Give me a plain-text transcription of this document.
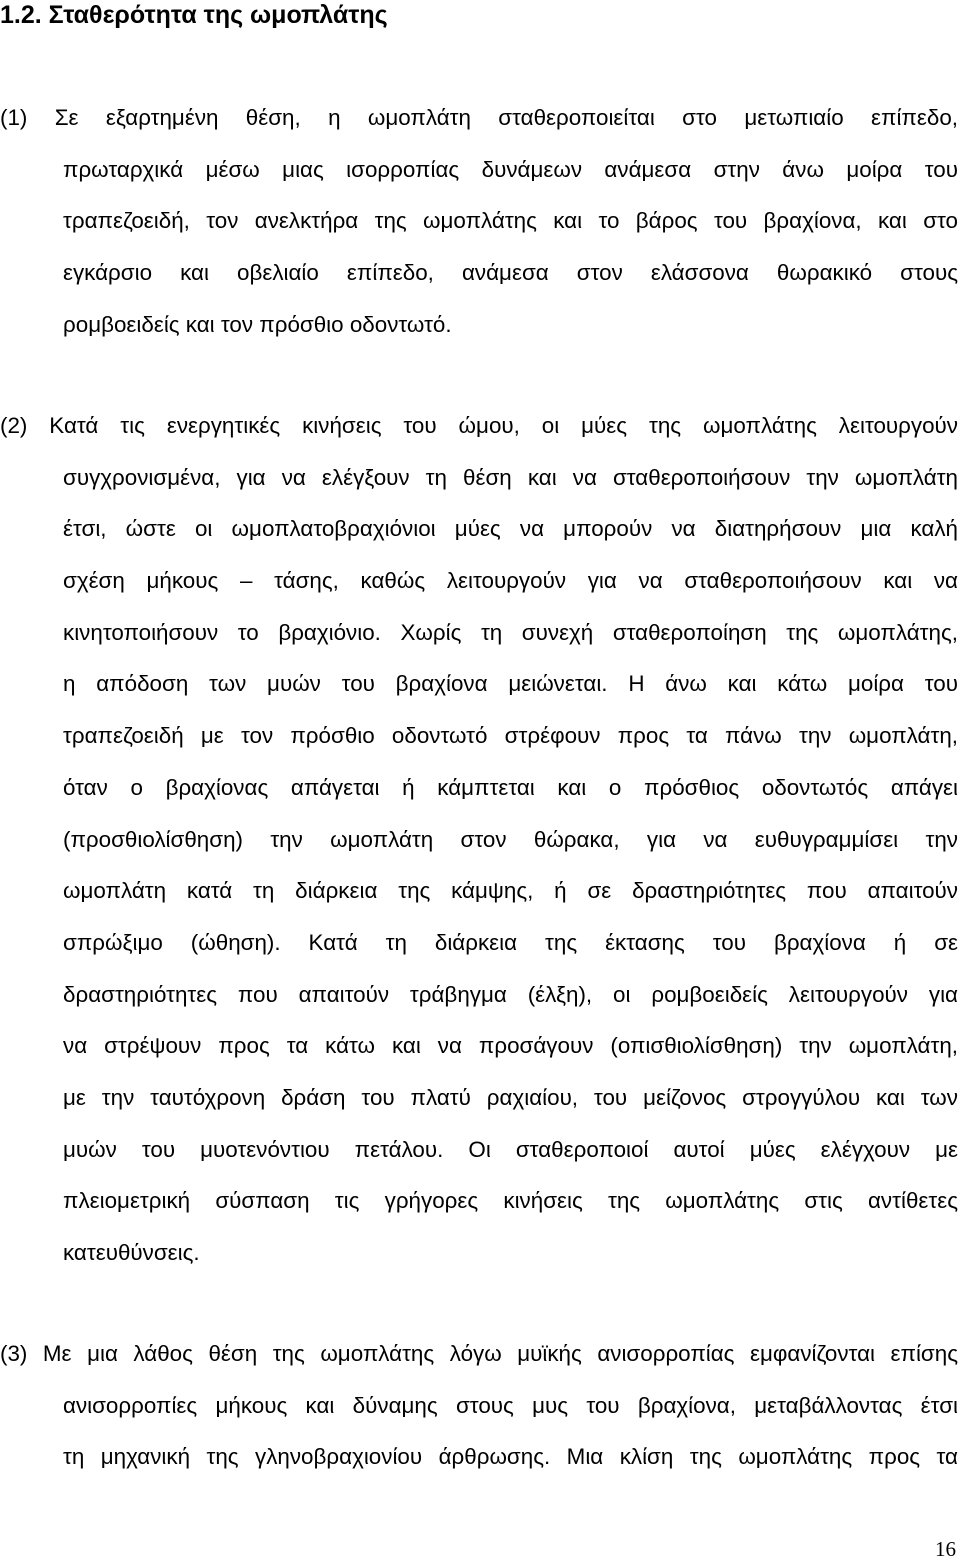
1.2. Σταθερότητα της ωμοπλάτης
(1) Σε εξαρτημένη θέση, η ωμοπλάτη σταθεροποιείται στο μετωπιαίο επίπεδο,
πρωταρχικά μέσω μιας ισορροπίας δυνάμεων ανάμεσα στην άνω μοίρα του
τραπεζοειδή, τον ανελκτήρα της ωμοπλάτης και το βάρος του βραχίονα, και στο
εγκάρσιο και οβελιαίο επίπεδο, ανάμεσα στον ελάσσονα θωρακικό στους
ρομβοειδείς και τον πρόσθιο οδοντωτό.
(2) Κατά τις ενεργητικές κινήσεις του ώμου, οι μύες της ωμοπλάτης λειτουργούν
συγχρονισμένα, για να ελέγξουν τη θέση και να σταθεροποιήσουν την ωμοπλάτη
έτσι, ώστε οι ωμοπλατοβραχιόνιοι μύες να μπορούν να διατηρήσουν μια καλή
σχέση μήκους – τάσης, καθώς λειτουργούν για να σταθεροποιήσουν και να
κινητοποιήσουν το βραχιόνιο. Χωρίς τη συνεχή σταθεροποίηση της ωμοπλάτης,
η απόδοση των μυών του βραχίονα μειώνεται. Η άνω και κάτω μοίρα του
τραπεζοειδή με τον πρόσθιο οδοντωτό στρέφουν προς τα πάνω την ωμοπλάτη,
όταν ο βραχίονας απάγεται ή κάμπτεται και ο πρόσθιος οδοντωτός απάγει
(προσθιολίσθηση) την ωμοπλάτη στον θώρακα, για να ευθυγραμμίσει την
ωμοπλάτη κατά τη διάρκεια της κάμψης, ή σε δραστηριότητες που απαιτούν
σπρώξιμο (ώθηση). Κατά τη διάρκεια της έκτασης του βραχίονα ή σε
δραστηριότητες που απαιτούν τράβηγμα (έλξη), οι ρομβοειδείς λειτουργούν για
να στρέψουν προς τα κάτω και να προσάγουν (οπισθιολίσθηση) την ωμοπλάτη,
με την ταυτόχρονη δράση του πλατύ ραχιαίου, του μείζονος στρογγύλου και των
μυών του μυοτενόντιου πετάλου. Οι σταθεροποιοί αυτοί μύες ελέγχουν με
πλειομετρική σύσπαση τις γρήγορες κινήσεις της ωμοπλάτης στις αντίθετες
κατευθύνσεις.
(3) Με μια λάθος θέση της ωμοπλάτης λόγω μυϊκής ανισορροπίας εμφανίζονται επίσης
ανισορροπίες μήκους και δύναμης στους μυς του βραχίονα, μεταβάλλοντας έτσι
τη μηχανική της γληνοβραχιονίου άρθρωσης. Μια κλίση της ωμοπλάτης προς τα
16
